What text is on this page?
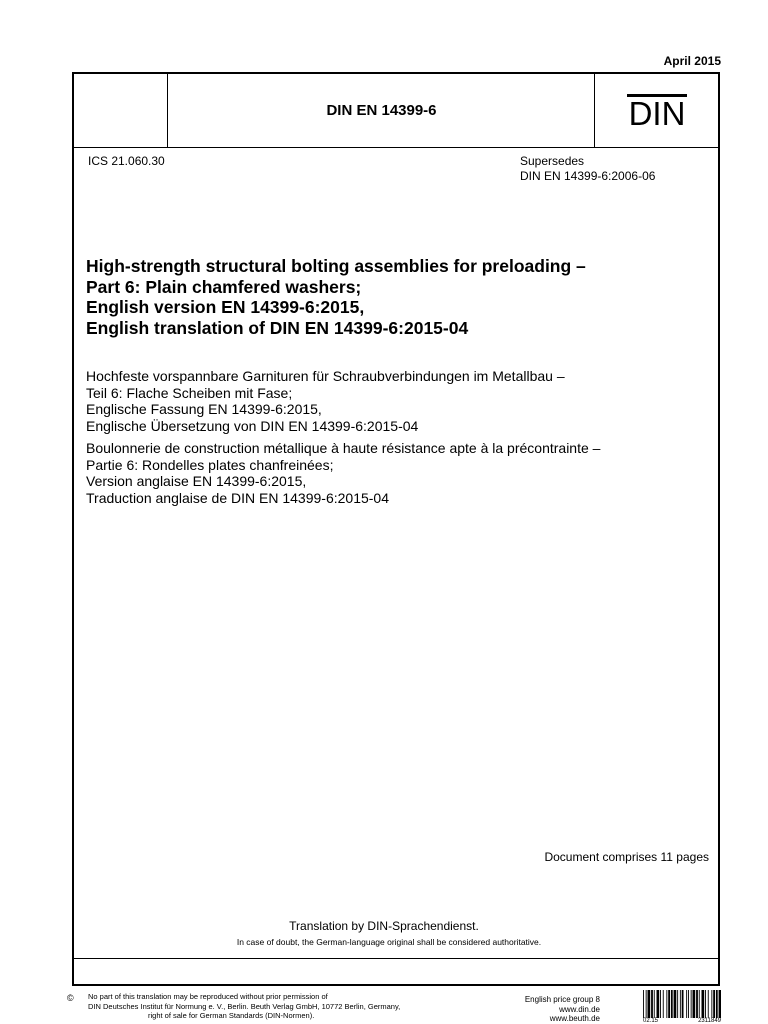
April 2015
DIN EN 14399-6	DIN
ICS 21.060.30	Supersedes

DIN EN 14399-6:2006-06

High-strength structural bolting assemblies for preloading –

Part 6: Plain chamfered washers;

English version EN 14399-6:2015,

English translation of DIN EN 14399-6:2015-04

Hochfeste vorspannbare Garnituren für Schraubverbindungen im Metallbau –

Teil 6: Flache Scheiben mit Fase;

Englische Fassung EN 14399-6:2015,

Englische Übersetzung von DIN EN 14399-6:2015-04

Boulonnerie de construction métallique à haute résistance apte à la précontrainte –

Partie 6: Rondelles plates chanfreinées;

Version anglaise EN 14399-6:2015,

Traduction anglaise de DIN EN 14399-6:2015-04

Document comprises 11 pages
Translation by DIN-Sprachendienst.
In case of doubt, the German-language original shall be considered authoritative.
© No part of this translation may be reproduced without prior permission of

DIN Deutsches Institut für Normung e. V., Berlin. Beuth Verlag GmbH, 10772 Berlin, Germany,

right of sale for German Standards (DIN-Normen).

English price group 8

www.din.de

www.beuth.de	02.15	2311849
